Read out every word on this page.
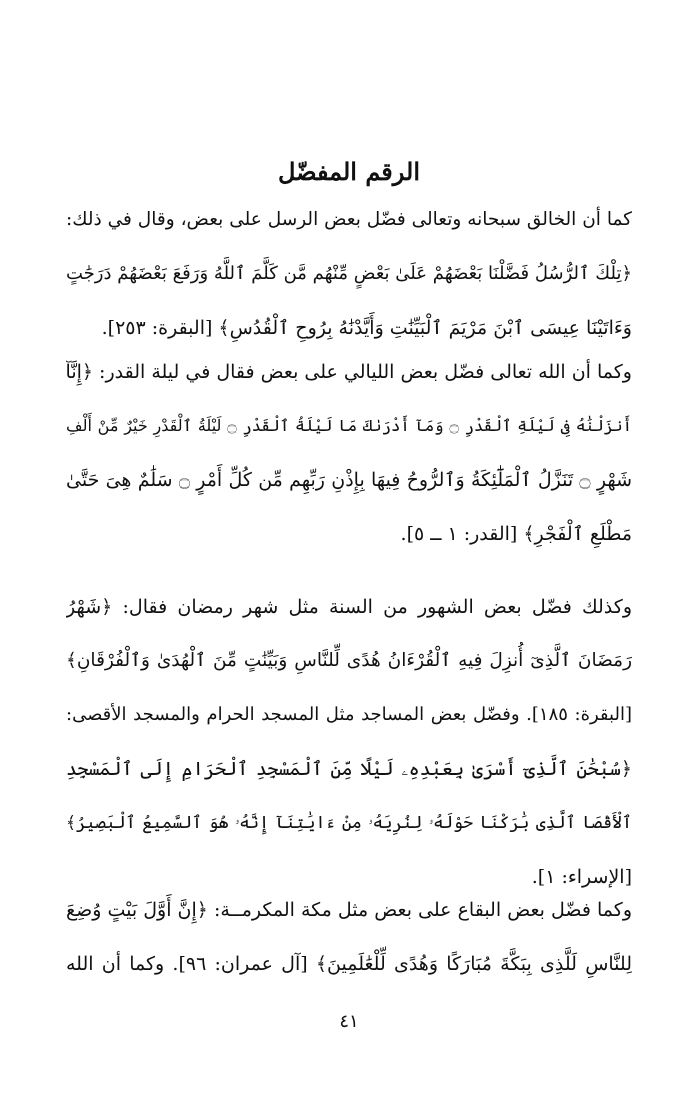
الرقم المفضّل
كما أن الخالق سبحانه وتعالى فضّل بعض الرسل على بعض، وقال في ذلك:
﴿تِلْكَ ٱلرُّسُلُ فَضَّلْنَا بَعْضَهُمْ عَلَىٰ بَعْضٍ مِّنْهُم مَّن كَلَّمَ ٱللَّهُ وَرَفَعَ بَعْضَهُمْ دَرَجَٰتٍ
وَءَاتَيْنَا عِيسَى ٱبْنَ مَرْيَمَ ٱلْبَيِّنَٰتِ وَأَيَّدْنَٰهُ بِرُوحِ ٱلْقُدُسِ﴾ [البقرة: ٢٥٣].
وكما أن الله تعالى فضّل بعض الليالي على بعض فقال في ليلة القدر: ﴿إِنَّآ
أَنزَلْنَٰهُ فِى لَيْلَةِ ٱلْقَدْرِ ۝ وَمَآ أَدْرَىٰكَ مَا لَيْلَةُ ٱلْقَدْرِ ۝ لَيْلَةُ ٱلْقَدْرِ خَيْرٌ مِّنْ أَلْفِ
شَهْرٍ ۝ تَنَزَّلُ ٱلْمَلَٰٓئِكَةُ وَٱلرُّوحُ فِيهَا بِإِذْنِ رَبِّهِم مِّن كُلِّ أَمْرٍ ۝ سَلَٰمٌ هِىَ حَتَّىٰ
مَطْلَعِ ٱلْفَجْرِ﴾ [القدر: ١ ــ ٥].
وكذلك فضّل بعض الشهور من السنة مثل شهر رمضان فقال: ﴿شَهْرُ
رَمَضَانَ ٱلَّذِىٓ أُنزِلَ فِيهِ ٱلْقُرْءَانُ هُدًى لِّلنَّاسِ وَبَيِّنَٰتٍ مِّنَ ٱلْهُدَىٰ وَٱلْفُرْقَانِ﴾
[البقرة: ١٨٥]. وفضّل بعض المساجد مثل المسجد الحرام والمسجد الأقصى:
﴿سُبْحَٰنَ ٱلَّذِىٓ أَسْرَىٰ بِعَبْدِهِۦ لَيْلًا مِّنَ ٱلْمَسْجِدِ ٱلْحَرَامِ إِلَى ٱلْمَسْجِدِ
ٱلْأَقْصَا ٱلَّذِى بَٰرَكْنَا حَوْلَهُۥ لِنُرِيَهُۥ مِنْ ءَايَٰتِنَآ إِنَّهُۥ هُوَ ٱلسَّمِيعُ ٱلْبَصِيرُ﴾
[الإسراء: ١].
وكما فضّل بعض البقاع على بعض مثل مكة المكرمــة: ﴿إِنَّ أَوَّلَ بَيْتٍ وُضِعَ
لِلنَّاسِ لَلَّذِى بِبَكَّةَ مُبَارَكًا وَهُدًى لِّلْعَٰلَمِينَ﴾ [آل عمران: ٩٦]. وكما أن الله
٤١
